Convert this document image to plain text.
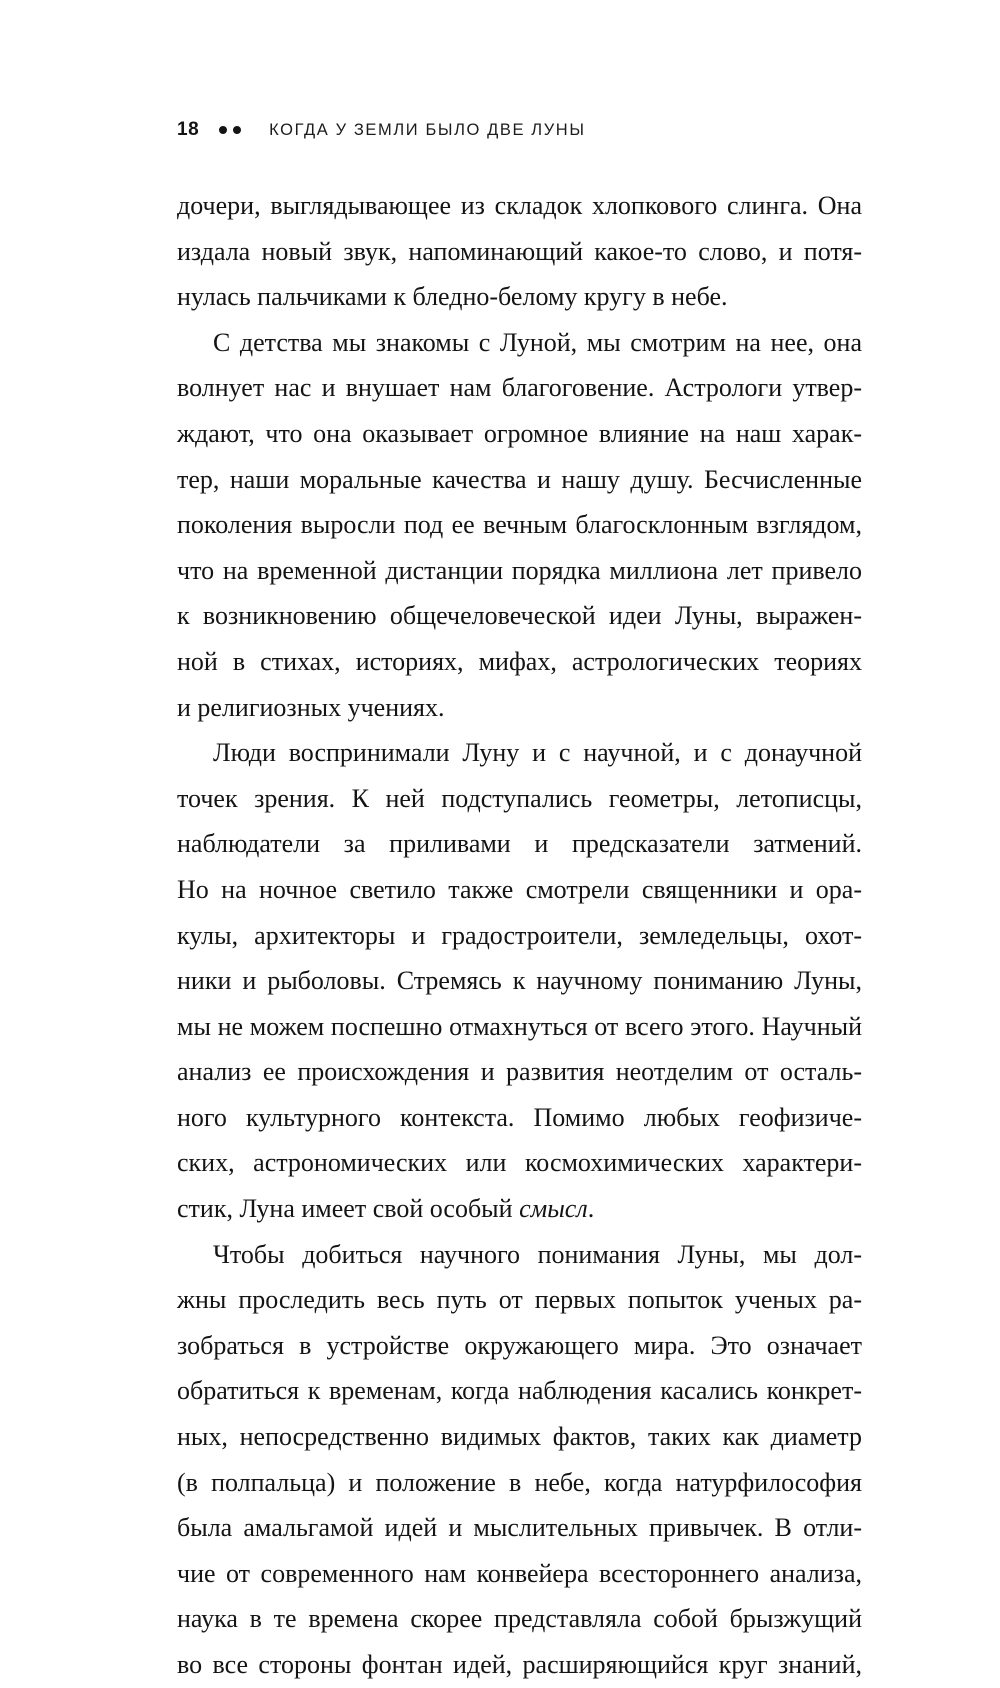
18	КОГДА У ЗЕМЛИ БЫЛО ДВЕ ЛУНЫ
дочери, выглядывающее из складок хлопкового слинга. Она
издала новый звук, напоминающий какое-то слово, и потя-
нулась пальчиками к бледно-белому кругу в небе.
С детства мы знакомы с Луной, мы смотрим на нее, она
волнует нас и внушает нам благоговение. Астрологи утвер-
ждают, что она оказывает огромное влияние на наш харак-
тер, наши моральные качества и нашу душу. Бесчисленные
поколения выросли под ее вечным благосклонным взглядом,
что на временной дистанции порядка миллиона лет привело
к возникновению общечеловеческой идеи Луны, выражен-
ной в стихах, историях, мифах, астрологических теориях
и религиозных учениях.
Люди воспринимали Луну и с научной, и с донаучной
точек зрения. К ней подступались геометры, летописцы,
наблюдатели за приливами и предсказатели затмений.
Но на ночное светило также смотрели священники и ора-
кулы, архитекторы и градостроители, земледельцы, охот-
ники и рыболовы. Стремясь к научному пониманию Луны,
мы не можем поспешно отмахнуться от всего этого. Научный
анализ ее происхождения и развития неотделим от осталь-
ного культурного контекста. Помимо любых геофизиче-
ских, астрономических или космохимических характери-
стик, Луна имеет свой особый смысл.
Чтобы добиться научного понимания Луны, мы дол-
жны проследить весь путь от первых попыток ученых ра-
зобраться в устройстве окружающего мира. Это означает
обратиться к временам, когда наблюдения касались конкрет-
ных, непосредственно видимых фактов, таких как диаметр
(в полпальца) и положение в небе, когда натурфилософия
была амальгамой идей и мыслительных привычек. В отли-
чие от современного нам конвейера всестороннего анализа,
наука в те времена скорее представляла собой брызжущий
во все стороны фонтан идей, расширяющийся круг знаний,
